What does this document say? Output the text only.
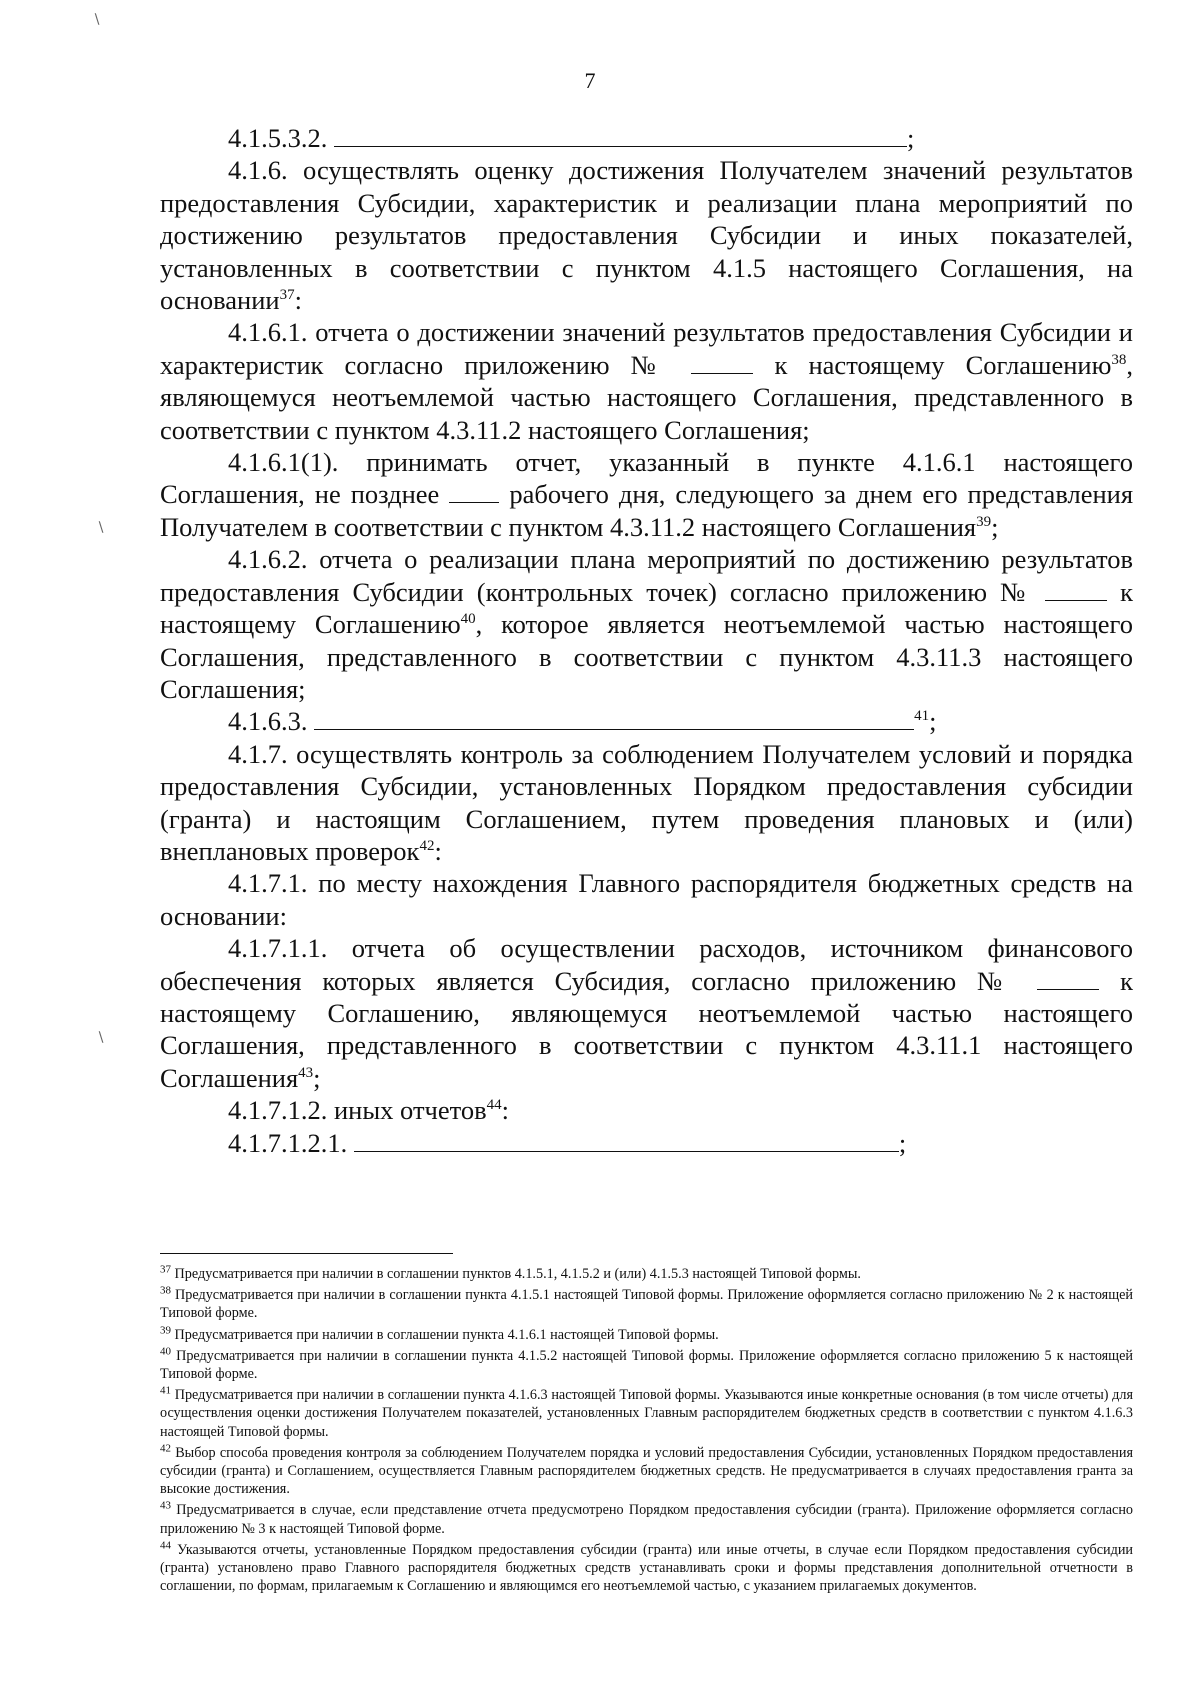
∖
∖
∖
7

4.1.5.3.2.	;

4.1.6. осуществлять оценку достижения Получателем значений результатов предоставления Субсидии, характеристик и реализации плана мероприятий по достижению результатов предоставления Субсидии и иных показателей, установленных в соответствии с пунктом 4.1.5 настоящего Соглашения, на основании$^{37}$:

4.1.6.1. отчета о достижении значений результатов предоставления Субсидии и характеристик согласно приложению №	к настоящему Соглашению$^{38}$, являющемуся неотъемлемой частью настоящего Соглашения, представленного в соответствии с пунктом 4.3.11.2 настоящего Соглашения;

4.1.6.1(1). принимать отчет, указанный в пункте 4.1.6.1 настоящего Соглашения, не позднее	рабочего дня, следующего за днем его представления Получателем в соответствии с пунктом 4.3.11.2 настоящего Соглашения$^{39}$;

4.1.6.2. отчета о реализации плана мероприятий по достижению результатов предоставления Субсидии (контрольных точек) согласно приложению №	к настоящему Соглашению$^{40}$, которое является неотъемлемой частью настоящего Соглашения, представленного в соответствии с пунктом 4.3.11.3 настоящего Соглашения;

4.1.6.3.	$^{41}$;

4.1.7. осуществлять контроль за соблюдением Получателем условий и порядка предоставления Субсидии, установленных Порядком предоставления субсидии (гранта) и настоящим Соглашением, путем проведения плановых и (или) внеплановых проверок$^{42}$:

4.1.7.1. по месту нахождения Главного распорядителя бюджетных средств на основании:

4.1.7.1.1. отчета об осуществлении расходов, источником финансового обеспечения которых является Субсидия, согласно приложению №	к настоящему Соглашению, являющемуся неотъемлемой частью настоящего Соглашения, представленного в соответствии с пунктом 4.3.11.1 настоящего Соглашения$^{43}$;

4.1.7.1.2. иных отчетов$^{44}$:

4.1.7.1.2.1.	;

$^{37}$ Предусматривается при наличии в соглашении пунктов 4.1.5.1, 4.1.5.2 и (или) 4.1.5.3 настоящей Типовой формы.

$^{38}$ Предусматривается при наличии в соглашении пункта 4.1.5.1 настоящей Типовой формы. Приложение оформляется согласно приложению № 2 к настоящей Типовой форме.

$^{39}$ Предусматривается при наличии в соглашении пункта 4.1.6.1 настоящей Типовой формы.

$^{40}$ Предусматривается при наличии в соглашении пункта 4.1.5.2 настоящей Типовой формы. Приложение оформляется согласно приложению 5 к настоящей Типовой форме.

$^{41}$ Предусматривается при наличии в соглашении пункта 4.1.6.3 настоящей Типовой формы. Указываются иные конкретные основания (в том числе отчеты) для осуществления оценки достижения Получателем показателей, установленных Главным распорядителем бюджетных средств в соответствии с пунктом 4.1.6.3 настоящей Типовой формы.

$^{42}$ Выбор способа проведения контроля за соблюдением Получателем порядка и условий предоставления Субсидии, установленных Порядком предоставления субсидии (гранта) и Соглашением, осуществляется Главным распорядителем бюджетных средств. Не предусматривается в случаях предоставления гранта за высокие достижения.

$^{43}$ Предусматривается в случае, если представление отчета предусмотрено Порядком предоставления субсидии (гранта). Приложение оформляется согласно приложению № 3 к настоящей Типовой форме.

$^{44}$ Указываются отчеты, установленные Порядком предоставления субсидии (гранта) или иные отчеты, в случае если Порядком предоставления субсидии (гранта) установлено право Главного распорядителя бюджетных средств устанавливать сроки и формы представления дополнительной отчетности в соглашении, по формам, прилагаемым к Соглашению и являющимся его неотъемлемой частью, с указанием прилагаемых документов.
